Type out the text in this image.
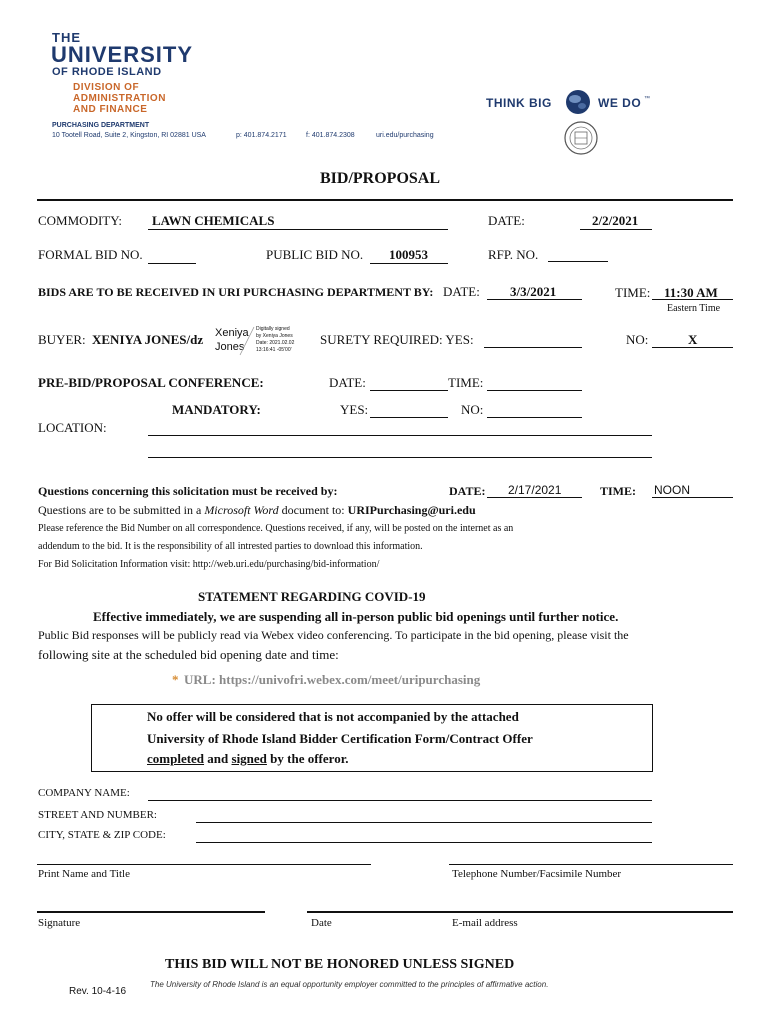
THE
UNIVERSITY
OF RHODE ISLAND
DIVISION OF
ADMINISTRATION
AND FINANCE
PURCHASING DEPARTMENT
10 Tootell Road, Suite 2, Kingston, RI 02881 USA	p: 401.874.2171	f: 401.874.2308	uri.edu/purchasing
THINK BIG	WE DO ™
BID/PROPOSAL
COMMODITY: LAWN CHEMICALS	DATE:	2/2/2021
FORMAL BID NO.	PUBLIC BID NO. 100953	RFP. NO.
BIDS ARE TO BE RECEIVED IN URI PURCHASING DEPARTMENT BY: DATE: 3/3/2021	TIME: 11:30 AM
Eastern Time
BUYER: XENIYA JONES/dz Xeniya
Jones
Digitally signed
by Xeniya Jones
Date: 2021.02.02
13:16:41 -05'00'
SURETY REQUIRED: YES:	NO:	X
PRE-BID/PROPOSAL CONFERENCE:	DATE:	TIME:
MANDATORY:	YES:	NO:
LOCATION:
Questions concerning this solicitation must be received by:	DATE: 2/17/2021	TIME: NOON
Questions are to be submitted in a Microsoft Word document to: URIPurchasing@uri.edu
Please reference the Bid Number on all correspondence. Questions received, if any, will be posted on the internet as an
addendum to the bid. It is the responsibility of all intrested parties to download this information.
For Bid Solicitation Information visit: http://web.uri.edu/purchasing/bid-information/
STATEMENT REGARDING COVID-19
Effective immediately, we are suspending all in-person public bid openings until further notice.
Public Bid responses will be publicly read via Webex video conferencing. To participate in the bid opening, please visit the
following site at the scheduled bid opening date and time:
* URL: https://univofri.webex.com/meet/uripurchasing
No offer will be considered that is not accompanied by the attached
University of Rhode Island Bidder Certification Form/Contract Offer
completed and signed by the offeror.
COMPANY NAME:
STREET AND NUMBER:
CITY, STATE & ZIP CODE:
Print Name and Title	Telephone Number/Facsimile Number
Signature	Date	E-mail address
THIS BID WILL NOT BE HONORED UNLESS SIGNED
Rev. 10-4-16
The University of Rhode Island is an equal opportunity employer committed to the principles of affirmative action.
